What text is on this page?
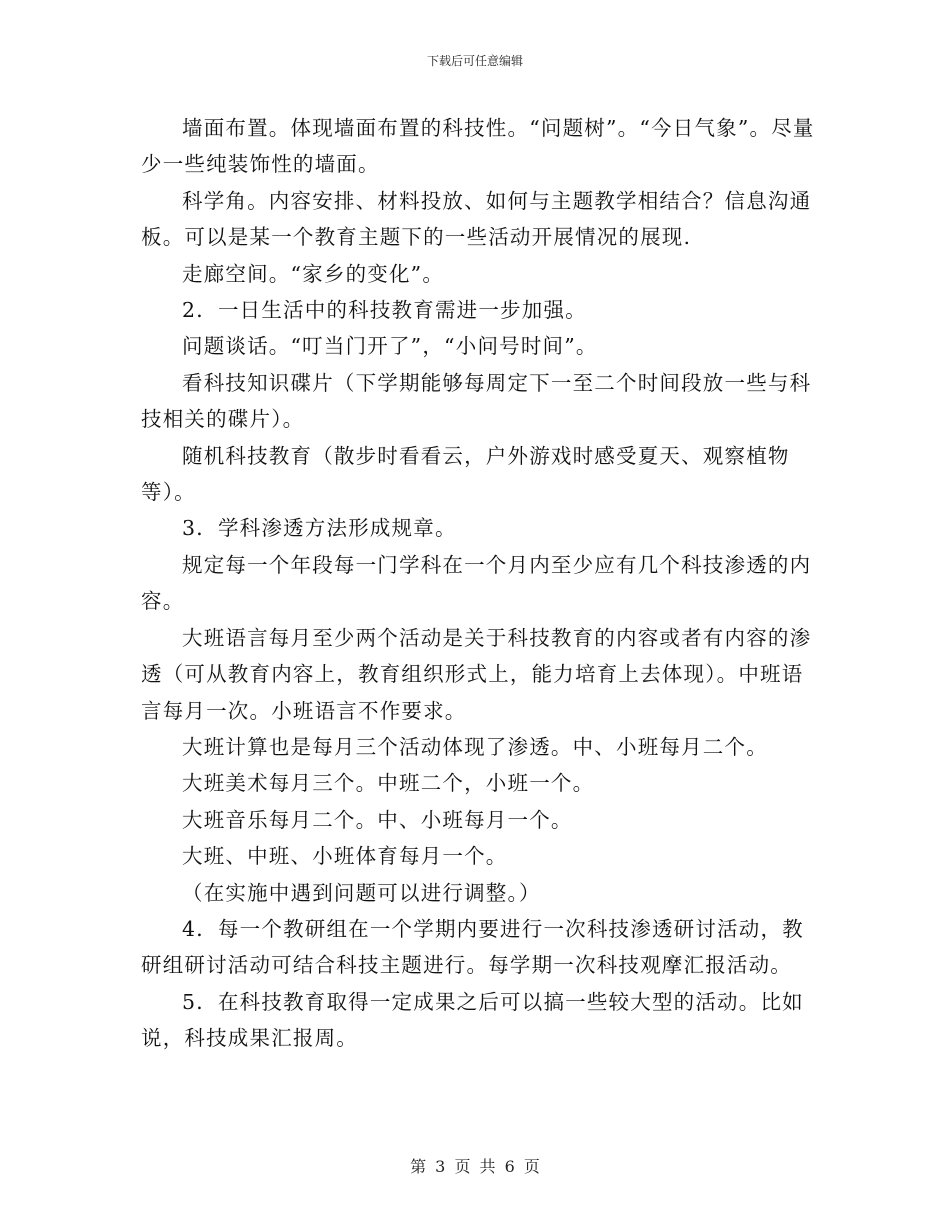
下载后可任意编辑

墙面布置。体现墙面布置的科技性。“问题树”。“今日气象”。尽量少一些纯装饰性的墙面。

科学角。内容安排、材料投放、如何与主题教学相结合？信息沟通板。可以是某一个教育主题下的一些活动开展情况的展现.

走廊空间。“家乡的变化”。

2．一日生活中的科技教育需进一步加强。

问题谈话。“叮当门开了”，“小问号时间”。

看科技知识碟片（下学期能够每周定下一至二个时间段放一些与科技相关的碟片）。

随机科技教育（散步时看看云，户外游戏时感受夏天、观察植物等）。

3．学科渗透方法形成规章。

规定每一个年段每一门学科在一个月内至少应有几个科技渗透的内容。

大班语言每月至少两个活动是关于科技教育的内容或者有内容的渗透（可从教育内容上，教育组织形式上，能力培育上去体现）。中班语言每月一次。小班语言不作要求。

大班计算也是每月三个活动体现了渗透。中、小班每月二个。

大班美术每月三个。中班二个，小班一个。

大班音乐每月二个。中、小班每月一个。

大班、中班、小班体育每月一个。

（在实施中遇到问题可以进行调整。）

4．每一个教研组在一个学期内要进行一次科技渗透研讨活动，教研组研讨活动可结合科技主题进行。每学期一次科技观摩汇报活动。

5．在科技教育取得一定成果之后可以搞一些较大型的活动。比如说，科技成果汇报周。

第 3 页 共 6 页
